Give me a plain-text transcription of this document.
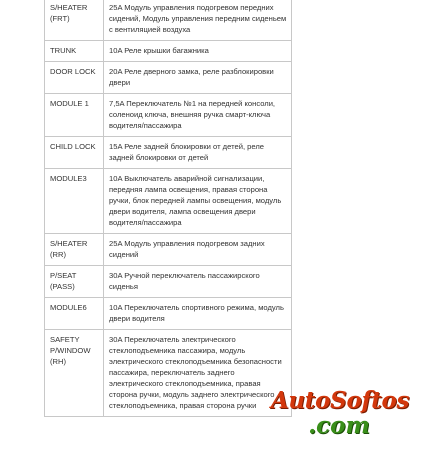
S/HEATER (FRT)	25A Модуль управления подогревом передних сидений, Модуль управления передним сиденьем с вентиляцией воздуха
TRUNK	10A Реле крышки багажника
DOOR LOCK	20A Реле дверного замка, реле разблокировки двери
MODULE 1	7,5A Переключатель №1 на передней консоли, соленоид ключа, внешняя ручка смарт-ключа водителя/пассажира
CHILD LOCK	15A Реле задней блокировки от детей, реле задней блокировки от детей
MODULE3	10A Выключатель аварийной сигнализации, передняя лампа освещения, правая сторона ручки, блок передней лампы освещения, модуль двери водителя, лампа освещения двери водителя/пассажира
S/HEATER (RR)	25A Модуль управления подогревом задних сидений
P/SEAT (PASS)	30A Ручной переключатель пассажирского сиденья
MODULE6	10A Переключатель спортивного режима, модуль двери водителя
SAFETY P/WINDOW (RH)	30A Переключатель электрического стеклоподъемника пассажира, модуль электрического стеклоподъемника безопасности пассажира, переключатель заднего электрического стеклоподъемника, правая сторона ручки, модуль заднего электрического стеклоподъемника, правая сторона ручки AutoSoftos
.com
